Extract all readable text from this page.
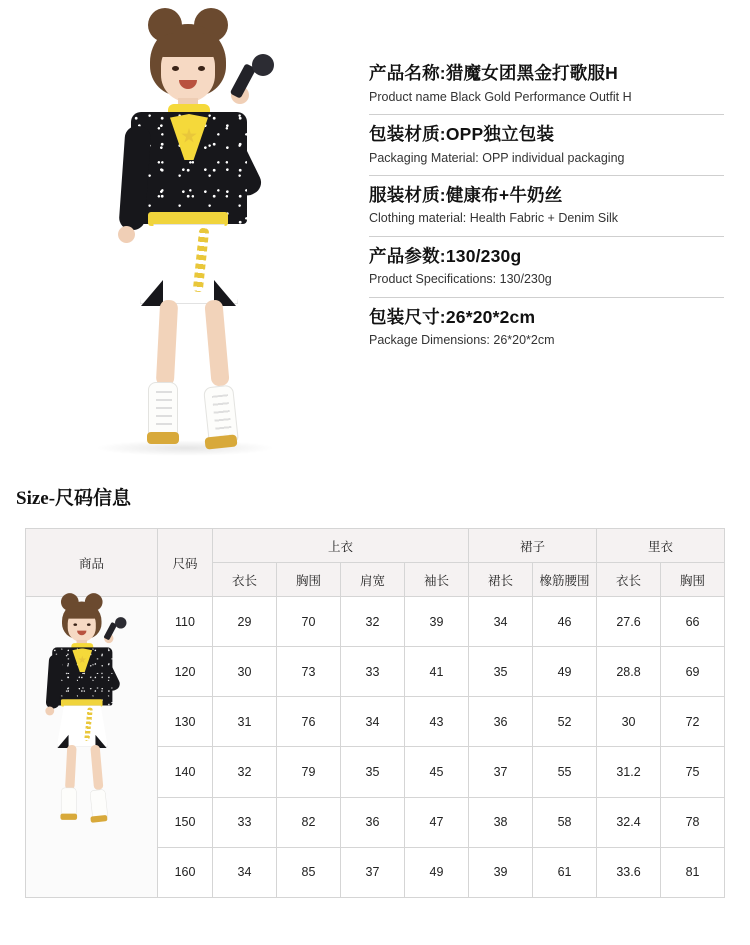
产品名称:猎魔女团黑金打歌服H
Product name Black Gold Performance Outfit H
包装材质:OPP独立包装
Packaging Material: OPP individual packaging
服装材质:健康布+牛奶丝
Clothing material: Health Fabric + Denim Silk
产品参数:130/230g
Product Specifications: 130/230g
包装尺寸:26*20*2cm
Package Dimensions: 26*20*2cm
Size-尺码信息
商品	尺码	上衣				裙子		里衣	
		衣长	胸围	肩宽	袖长	裙长	橡筋腰围	衣长	胸围

	110	29	70	32	39	34	46	27.6	66
	120	30	73	33	41	35	49	28.8	69
	130	31	76	34	43	36	52	30	72
	140	32	79	35	45	37	55	31.2	75
	150	33	82	36	47	38	58	32.4	78
	160	34	85	37	49	39	61	33.6	81
